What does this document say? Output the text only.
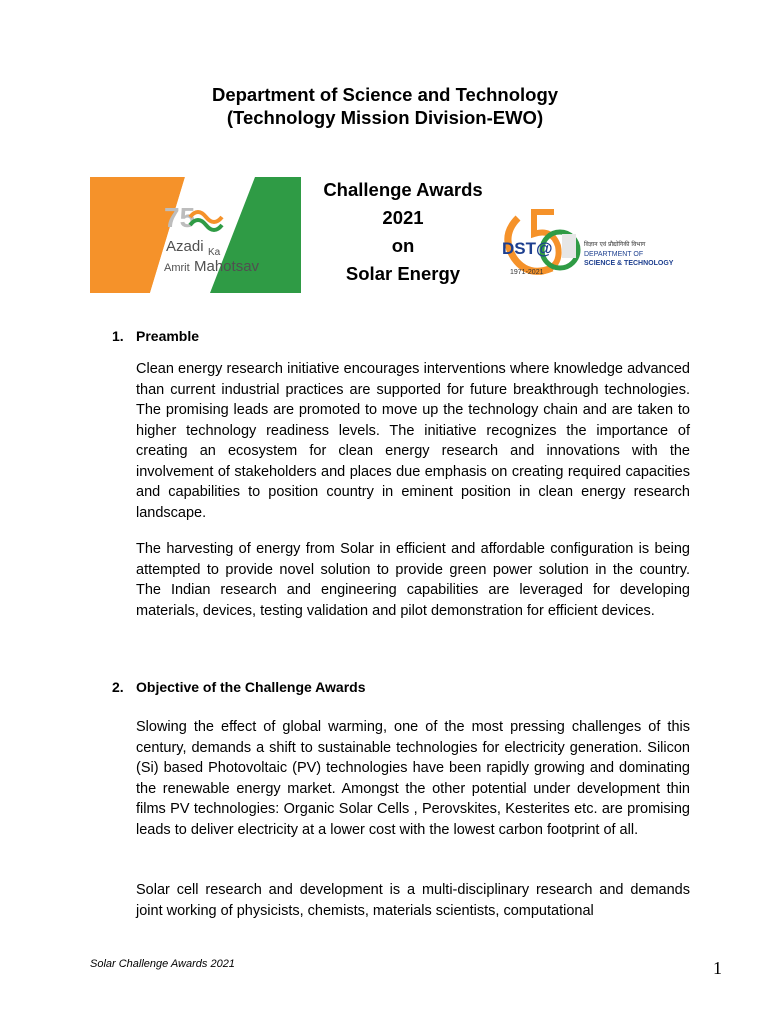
Department of Science and Technology
(Technology Mission Division-EWO)
75
Azadi Ka
Amrit Mahotsav
Challenge Awards
2021
on
Solar Energy
DST@
1971-2021
विज्ञान एवं प्रौद्योगिकी विभाग
DEPARTMENT OF
SCIENCE & TECHNOLOGY
1. Preamble
Clean energy research initiative encourages interventions where knowledge advanced than current industrial practices are supported for future breakthrough technologies. The promising leads are promoted to move up the technology chain and are taken to higher technology readiness levels. The initiative recognizes the importance of creating an ecosystem for clean energy research and innovations with the involvement of stakeholders and places due emphasis on creating required capacities and capabilities to position country in eminent position in clean energy research landscape.
The harvesting of energy from Solar in efficient and affordable configuration is being attempted to provide novel solution to provide green power solution in the country. The Indian research and engineering capabilities are leveraged for developing materials, devices, testing validation and pilot demonstration for efficient devices.
2. Objective of the Challenge Awards
Slowing the effect of global warming, one of the most pressing challenges of this century, demands a shift to sustainable technologies for electricity generation. Silicon (Si) based Photovoltaic (PV) technologies have been rapidly growing and dominating the renewable energy market. Amongst the other potential under development thin films PV technologies: Organic Solar Cells , Perovskites, Kesterites etc. are promising leads to deliver electricity at a lower cost with the lowest carbon footprint of all.
Solar cell research and development is a multi-disciplinary research and demands joint working of physicists, chemists, materials scientists, computational
Solar Challenge Awards 2021	1
